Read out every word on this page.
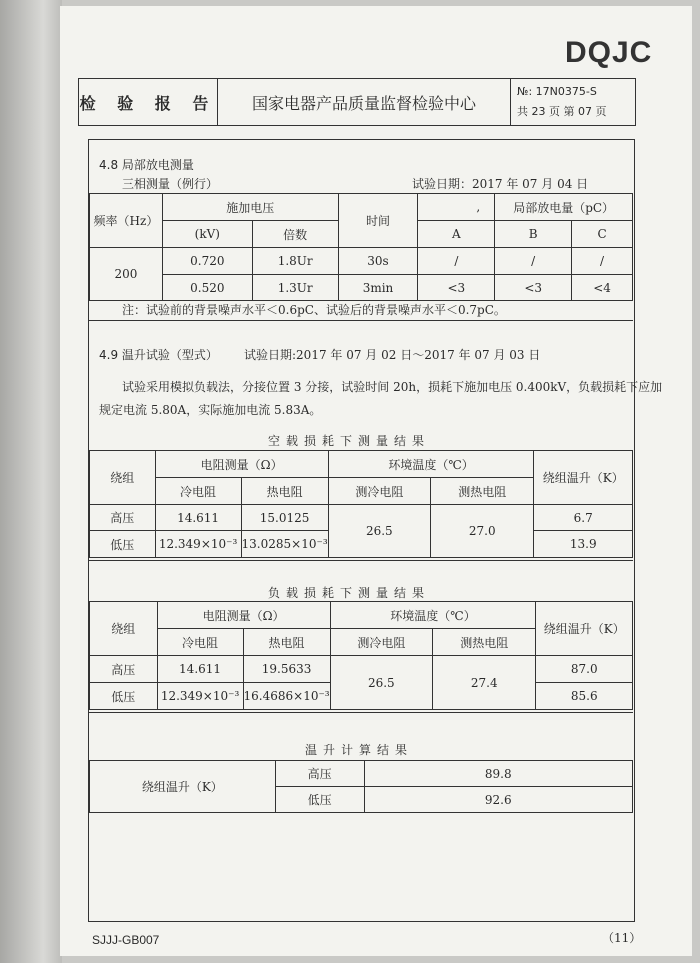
DQJC
检 验 报 告	国家电器产品质量监督检验中心	
№: 17N0375-S
共 23 页 第 07 页
4.8 局部放电测量
三相测量（例行）	试验日期：2017 年 07 月 04 日
频率（Hz）	施加电压		时间	,	局部放电量（pC）	
	(kV)	倍数		A	B	C
200	0.720	1.8Ur	30s	/	/	/
	0.520	1.3Ur	3min	<3	<3	<4
注：试验前的背景噪声水平＜0.6pC、试验后的背景噪声水平＜0.7pC。
4.9 温升试验（型式） 试验日期:2017 年 07 月 02 日～2017 年 07 月 03 日
试验采用模拟负载法，分接位置 3 分接，试验时间 20h，损耗下施加电压 0.400kV，负载损耗下应加
规定电流 5.80A，实际施加电流 5.83A。
空载损耗下测量结果
绕组	电阻测量（Ω）		环境温度（℃）		绕组温升（K）
	冷电阻	热电阻	测冷电阻	测热电阻	
高压	14.611	15.0125	26.5	27.0	6.7
低压	12.349×10⁻³	13.0285×10⁻³			13.9
负载损耗下测量结果
绕组	电阻测量（Ω）		环境温度（℃）		绕组温升（K）
	冷电阻	热电阻	测冷电阻	测热电阻	
高压	14.611	19.5633	26.5	27.4	87.0
低压	12.349×10⁻³	16.4686×10⁻³			85.6
温升计算结果
绕组温升（K）	高压	89.8
	低压	92.6
SJJJ-GB007	（11）
